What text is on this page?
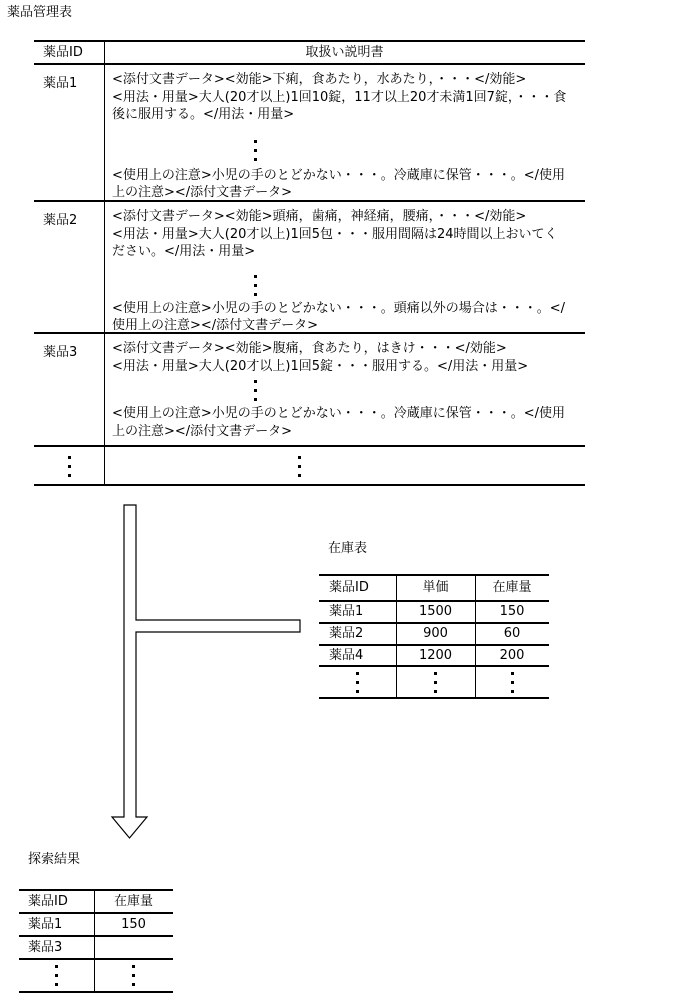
薬品管理表
薬品ID	取扱い説明書
薬品1	<添付文書データ><効能>下痢，食あたり，水あたり，・・・</効能>
<用法・用量>大人(20才以上)1回10錠，11才以上20才未満1回7錠，・・・食後に服用する。</用法・用量>
<使用上の注意>小児の手のとどかない・・・。冷蔵庫に保管・・・。</使用上の注意></添付文書データ>
薬品2	<添付文書データ><効能>頭痛，歯痛，神経痛，腰痛，・・・</効能>
<用法・用量>大人(20才以上)1回5包・・・服用間隔は24時間以上おいてください。</用法・用量>
<使用上の注意>小児の手のとどかない・・・。頭痛以外の場合は・・・。</使用上の注意></添付文書データ>
薬品3	<添付文書データ><効能>腹痛，食あたり，はきけ・・・</効能>
<用法・用量>大人(20才以上)1回5錠・・・服用する。</用法・用量>
<使用上の注意>小児の手のとどかない・・・。冷蔵庫に保管・・・。</使用上の注意></添付文書データ>
在庫表
薬品ID	単価	在庫量
薬品1	1500	150
薬品2	900	60
薬品4	1200	200
探索結果
薬品ID	在庫量
薬品1	150
薬品3
